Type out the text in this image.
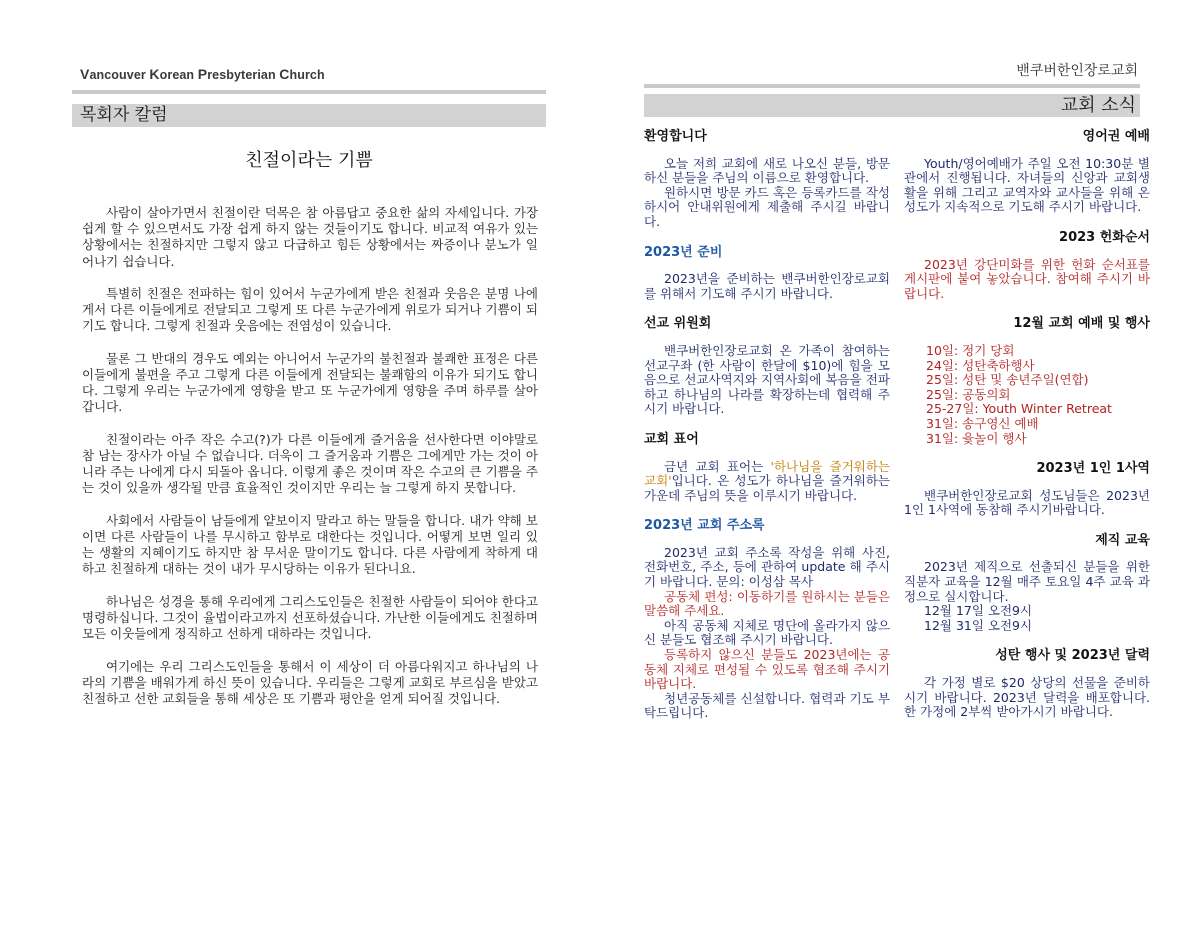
Vancouver Korean Presbyterian Church
목회자 칼럼
친절이라는 기쁨

사람이 살아가면서 친절이란 덕목은 참 아름답고 중요한 삶의 자세입니다. 가장 쉽게 할 수 있으면서도 가장 쉽게 하지 않는 것들이기도 합니다. 비교적 여유가 있는 상황에서는 친절하지만 그렇지 않고 다급하고 힘든 상황에서는 짜증이나 분노가 일어나기 쉽습니다.

특별히 친절은 전파하는 힘이 있어서 누군가에게 받은 친절과 웃음은 분명 나에게서 다른 이들에게로 전달되고 그렇게 또 다른 누군가에게 위로가 되거나 기쁨이 되기도 합니다. 그렇게 친절과 웃음에는 전염성이 있습니다.

물론 그 반대의 경우도 예외는 아니어서 누군가의 불친절과 불쾌한 표정은 다른 이들에게 불편을 주고 그렇게 다른 이들에게 전달되는 불쾌함의 이유가 되기도 합니다. 그렇게 우리는 누군가에게 영향을 받고 또 누군가에게 영향을 주며 하루를 살아갑니다.

친절이라는 아주 작은 수고(?)가 다른 이들에게 즐거움을 선사한다면 이야말로 참 남는 장사가 아닐 수 없습니다. 더욱이 그 즐거움과 기쁨은 그에게만 가는 것이 아니라 주는 나에게 다시 되돌아 옵니다. 이렇게 좋은 것이며 작은 수고의 큰 기쁨을 주는 것이 있을까 생각될 만큼 효율적인 것이지만 우리는 늘 그렇게 하지 못합니다.

사회에서 사람들이 남들에게 얕보이지 말라고 하는 말들을 합니다. 내가 약해 보이면 다른 사람들이 나를 무시하고 함부로 대한다는 것입니다. 어떻게 보면 일리 있는 생활의 지혜이기도 하지만 참 무서운 말이기도 합니다. 다른 사람에게 착하게 대하고 친절하게 대하는 것이 내가 무시당하는 이유가 된다니요.

하나님은 성경을 통해 우리에게 그리스도인들은 친절한 사람들이 되어야 한다고 명령하십니다. 그것이 율법이라고까지 선포하셨습니다. 가난한 이들에게도 친절하며 모든 이웃들에게 정직하고 선하게 대하라는 것입니다.

여기에는 우리 그리스도인들을 통해서 이 세상이 더 아름다워지고 하나님의 나라의 기쁨을 배워가게 하신 뜻이 있습니다. 우리들은 그렇게 교회로 부르심을 받았고 친절하고 선한 교회들을 통해 세상은 또 기쁨과 평안을 얻게 되어질 것입니다.

밴쿠버한인장로교회
교회 소식
환영합니다
오늘 저희 교회에 새로 나오신 분들, 방문하신 분들을 주님의 이름으로 환영합니다.
원하시면 방문 카드 혹은 등록카드를 작성하시어 안내위원에게 제출해 주시길 바랍니다.
2023년 준비
2023년을 준비하는 밴쿠버한인장로교회를 위해서 기도해 주시기 바랍니다.
선교 위원회
밴쿠버한인장로교회 온 가족이 참여하는 선교구좌 (한 사람이 한달에 $10)에 힘을 모음으로 선교사역지와 지역사회에 복음을 전파하고 하나님의 나라를 확장하는데 협력해 주시기 바랍니다.
교회 표어
금년 교회 표어는 '하나님을 즐거워하는 교회'입니다. 온 성도가 하나님을 즐거워하는 가운데 주님의 뜻을 이루시기 바랍니다.
2023년 교회 주소록
2023년 교회 주소록 작성을 위해 사진, 전화번호, 주소, 등에 관하여 update 해 주시기 바랍니다. 문의: 이성삼 목사
공동체 편성: 이동하기를 원하시는 분들은 말씀해 주세요.
아직 공동체 지체로 명단에 올라가지 않으신 분들도 협조해 주시기 바랍니다.
등록하지 않으신 분들도 2023년에는 공동체 지체로 편성될 수 있도록 협조해 주시기 바랍니다.
청년공동체를 신설합니다. 협력과 기도 부탁드립니다.
영어권 예배
Youth/영어예배가 주일 오전 10:30분 별관에서 진행됩니다. 자녀들의 신앙과 교회생활을 위해 그리고 교역자와 교사들을 위해 온 성도가 지속적으로 기도해 주시기 바랍니다.
2023 헌화순서
2023년 강단미화를 위한 헌화 순서표를 게시판에 붙여 놓았습니다. 참여해 주시기 바랍니다.
12월 교회 예배 및 행사
10일: 정기 당회
24일: 성탄축하행사
25일: 성탄 및 송년주일(연합)
25일: 공동의회
25-27일: Youth Winter Retreat
31일: 송구영신 예배
31일: 윷놀이 행사
2023년 1인 1사역
밴쿠버한인장로교회 성도님들은 2023년 1인 1사역에 동참해 주시기바랍니다.
제직 교육
2023년 제직으로 선출되신 분들을 위한 직분자 교육을 12월 매주 토요일 4주 교육 과정으로 실시합니다.
12월 17일 오전9시
12월 31일 오전9시
성탄 행사 및 2023년 달력
각 가정 별로 $20 상당의 선물을 준비하시기 바랍니다. 2023년 달력을 배포합니다. 한 가정에 2부씩 받아가시기 바랍니다.
